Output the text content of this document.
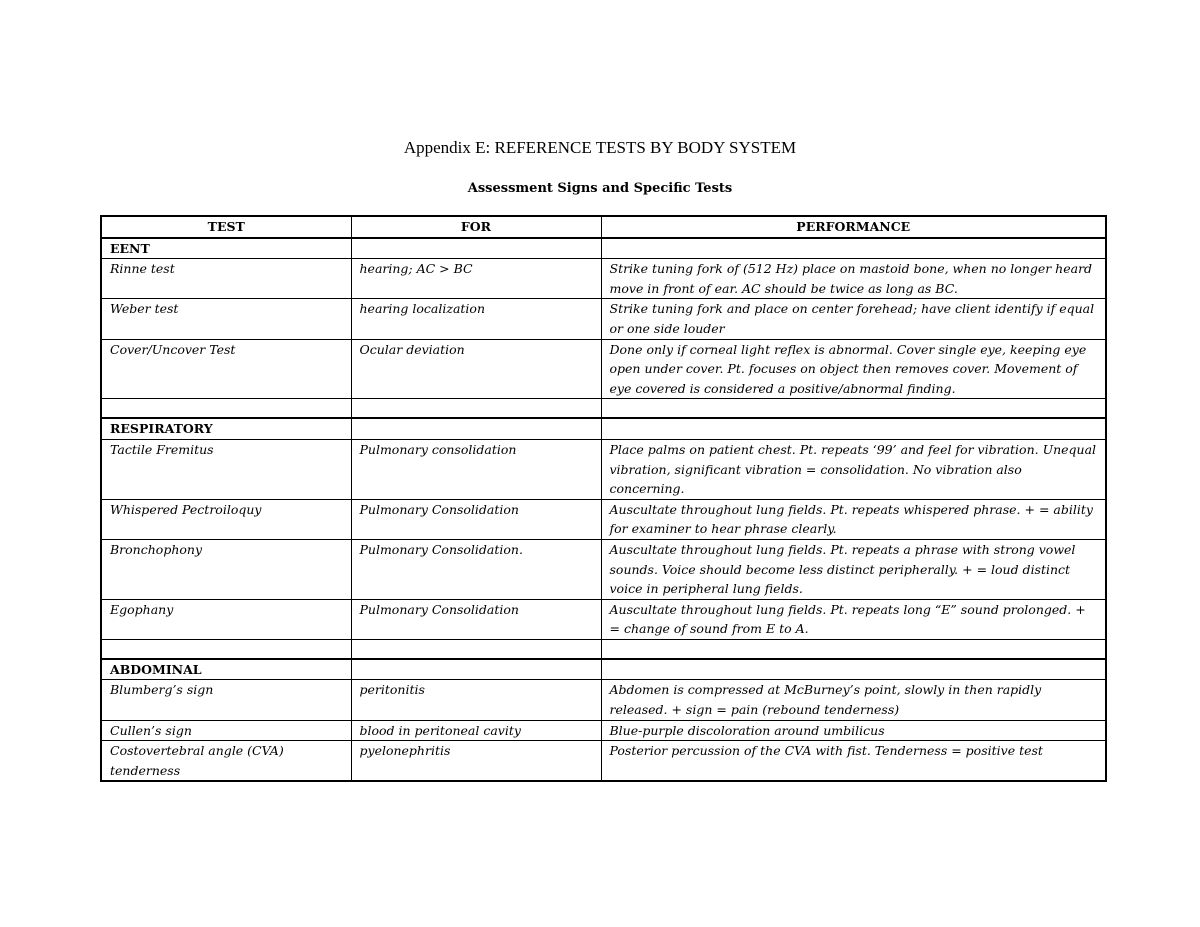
Appendix E: REFERENCE TESTS BY BODY SYSTEM
Assessment Signs and Specific Tests
TEST	FOR	PERFORMANCE
EENT		
Rinne test	hearing; AC > BC	Strike tuning fork of (512 Hz) place on mastoid bone, when no longer heard move in front of ear. AC should be twice as long as BC.
Weber test	hearing localization	Strike tuning fork and place on center forehead; have client identify if equal or one side louder
Cover/Uncover Test	Ocular deviation	Done only if corneal light reflex is abnormal. Cover single eye, keeping eye open under cover. Pt. focuses on object then removes cover. Movement of eye covered is considered a positive/abnormal finding.

RESPIRATORY		
Tactile Fremitus	Pulmonary consolidation	Place palms on patient chest. Pt. repeats ‘99’ and feel for vibration. Unequal vibration, significant vibration = consolidation. No vibration also concerning.
Whispered Pectroiloquy	Pulmonary Consolidation	Auscultate throughout lung fields. Pt. repeats whispered phrase. + = ability for examiner to hear phrase clearly.
Bronchophony	Pulmonary Consolidation.	Auscultate throughout lung fields. Pt. repeats a phrase with strong vowel sounds. Voice should become less distinct peripherally. + = loud distinct voice in peripheral lung fields.
Egophany	Pulmonary Consolidation	Auscultate throughout lung fields. Pt. repeats long “E” sound prolonged. + = change of sound from E to A.

ABDOMINAL		
Blumberg’s sign	peritonitis	Abdomen is compressed at McBurney’s point, slowly in then rapidly released. + sign = pain (rebound tenderness)
Cullen’s sign	blood in peritoneal cavity	Blue-purple discoloration around umbilicus
Costovertebral angle (CVA) tenderness	pyelonephritis	Posterior percussion of the CVA with fist. Tenderness = positive test
